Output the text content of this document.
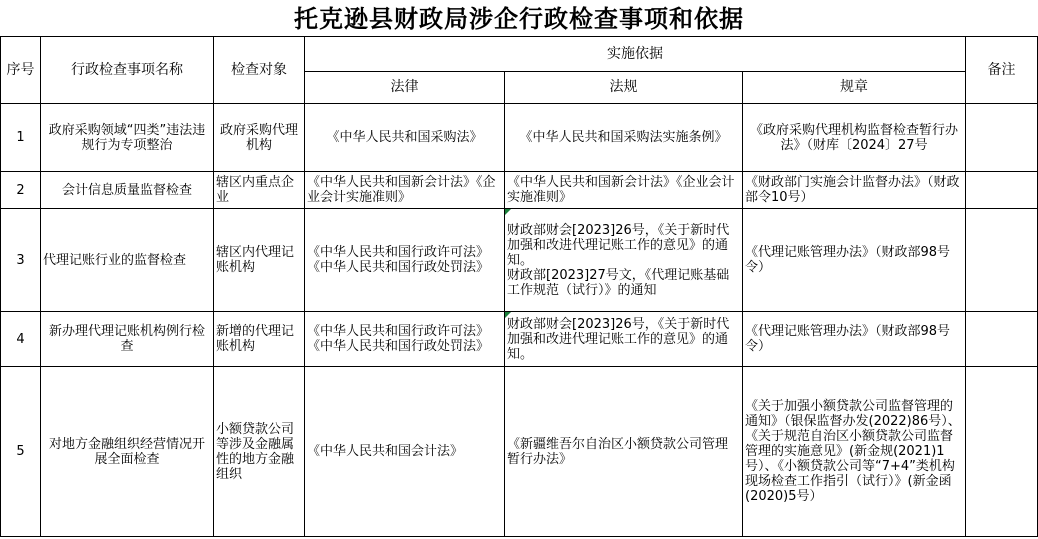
托克逊县财政局涉企行政检查事项和依据
序号	行政检查事项名称	检查对象	实施依据			备注
			法律	法规	规章	
1	政府采购领域“四类”违法违规行为专项整治	政府采购代理机构	《中华人民共和国采购法》	《中华人民共和国采购法实施条例》	《政府采购代理机构监督检查暂行办法》（财库〔2024〕27号	
2	会计信息质量监督检查	辖区内重点企业	《中华人民共和国新会计法》《企业会计实施准则》	《中华人民共和国新会计法》《企业会计实施准则》	《财政部门实施会计监督办法》（财政部令10号）	
3	代理记账行业的监督检查	辖区内代理记账机构	《中华人民共和国行政许可法》《中华人民共和国行政处罚法》	财政部财会[2023]26号，《关于新时代加强和改进代理记账工作的意见》的通知。
财政部[2023]27号文，《代理记账基础工作规范（试行）》的通知	《代理记账管理办法》（财政部98号令）	
4	新办理代理记账机构例行检查	新增的代理记账机构	《中华人民共和国行政许可法》《中华人民共和国行政处罚法》	财政部财会[2023]26号，《关于新时代加强和改进代理记账工作的意见》的通知。	《代理记账管理办法》（财政部98号令）	
5	对地方金融组织经营情况开展全面检查	小额贷款公司等涉及金融属性的地方金融组织	《中华人民共和国会计法》	《新疆维吾尔自治区小额贷款公司管理暂行办法》	《关于加强小额贷款公司监督管理的通知》（银保监督办发(2022)86号）、《关于规范自治区小额贷款公司监督管理的实施意见》(新金规(2021)1号）、《小额贷款公司等“7+4”类机构现场检查工作指引（试行）》(新金函(2020)5号）	
